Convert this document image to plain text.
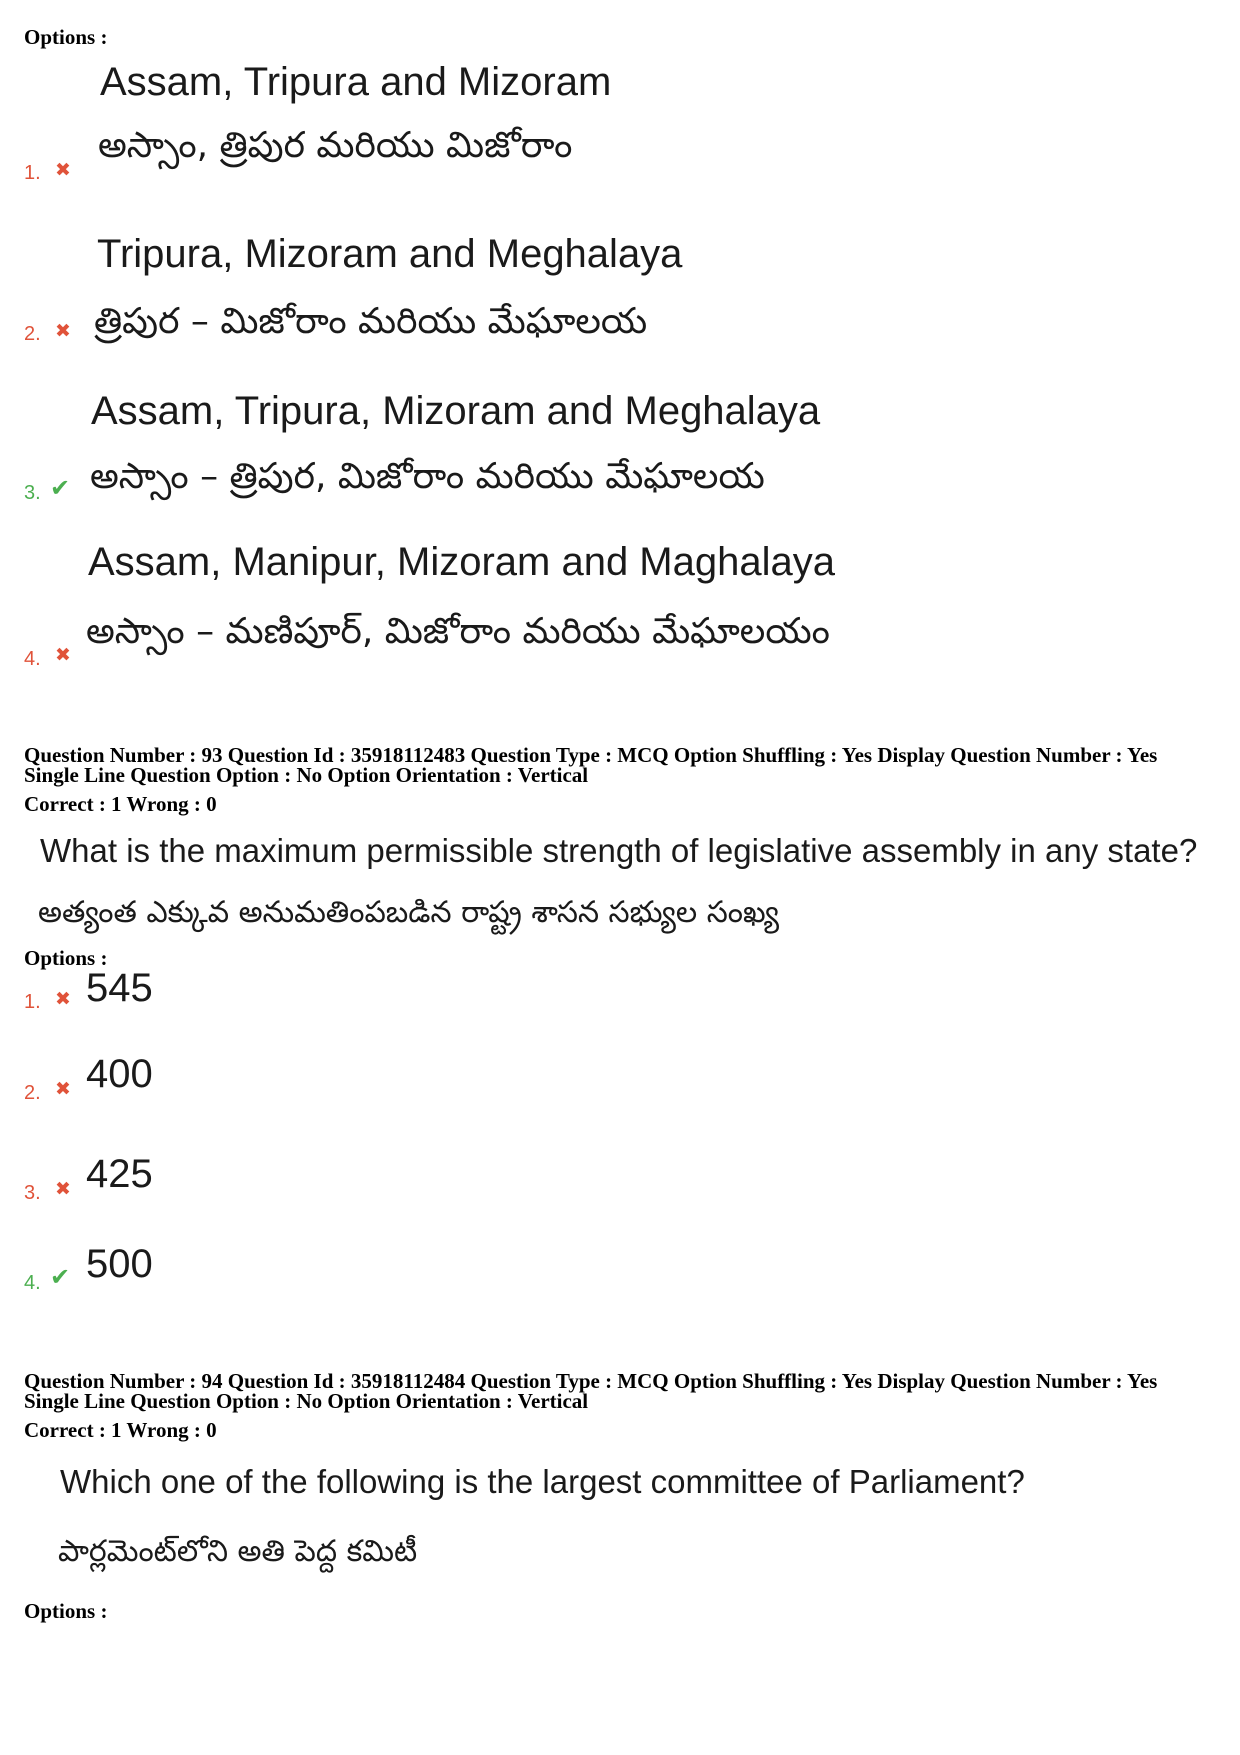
Options :
Assam, Tripura and Mizoram
అస్సాం, త్రిపుర మరియు మిజోరాం
1. ✖
Tripura, Mizoram and Meghalaya
త్రిపుర – మిజోరాం మరియు మేఘాలయ
2. ✖
Assam, Tripura, Mizoram and Meghalaya
అస్సాం – త్రిపుర, మిజోరాం మరియు మేఘాలయ
3. ✔
Assam, Manipur, Mizoram and Maghalaya
అస్సాం – మణిపూర్, మిజోరాం మరియు మేఘాలయం
4. ✖
Question Number : 93 Question Id : 35918112483 Question Type : MCQ Option Shuffling : Yes Display Question Number : Yes
Single Line Question Option : No Option Orientation : Vertical
Correct : 1 Wrong : 0
What is the maximum permissible strength of legislative assembly in any state?
అత్యంత ఎక్కువ అనుమతింపబడిన రాష్ట్ర శాసన సభ్యుల సంఖ్య
Options :
1. ✖ 545
2. ✖ 400
3. ✖ 425
4. ✔ 500
Question Number : 94 Question Id : 35918112484 Question Type : MCQ Option Shuffling : Yes Display Question Number : Yes
Single Line Question Option : No Option Orientation : Vertical
Correct : 1 Wrong : 0
Which one of the following is the largest committee of Parliament?
పార్లమెంట్‌లోని అతి పెద్ద కమిటీ
Options :
